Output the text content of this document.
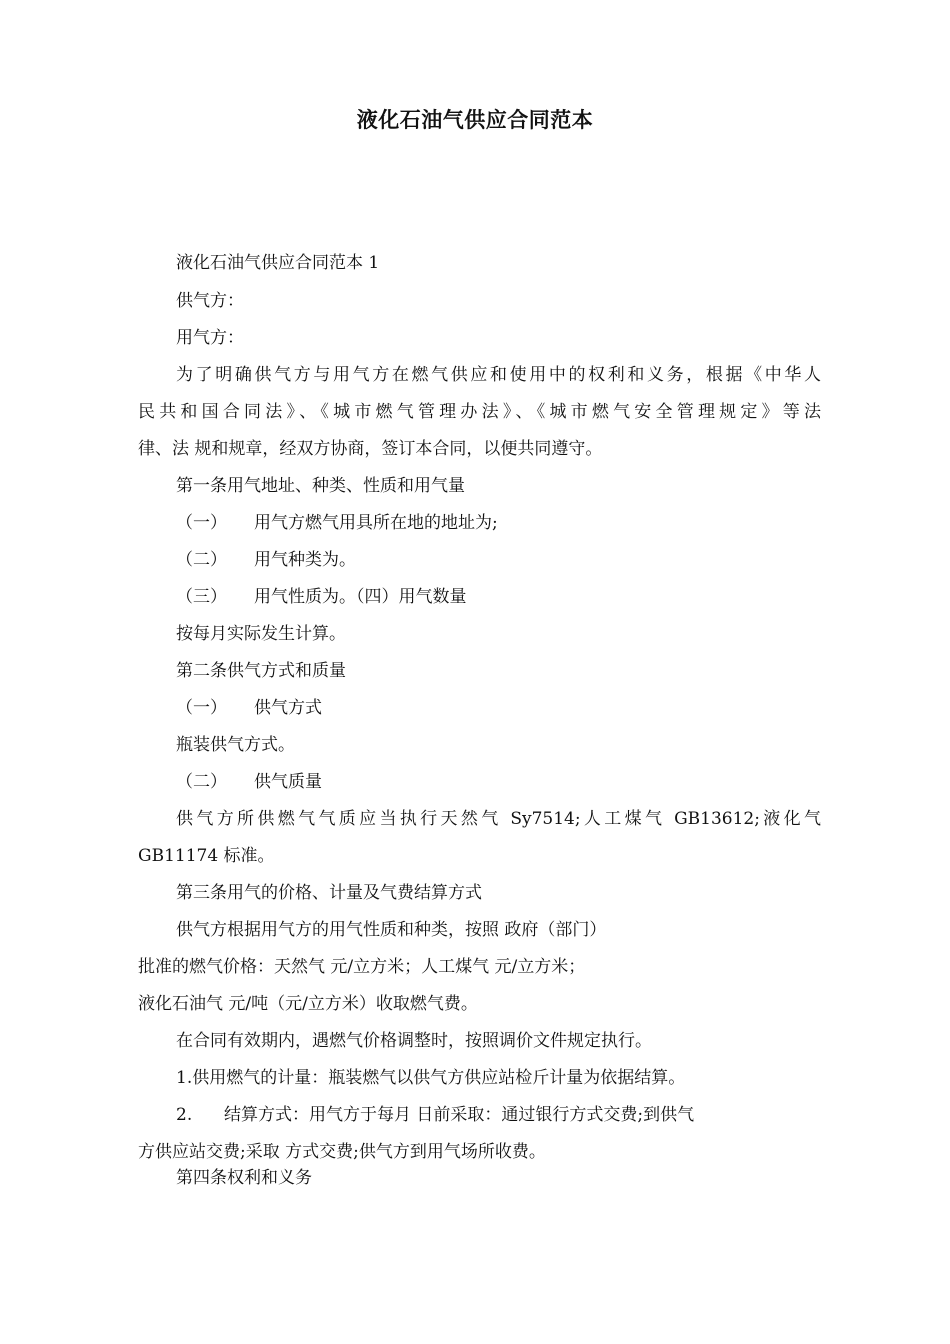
液化石油气供应合同范本
液化石油气供应合同范本 1
供气方：
用气方：
为了明确供气方与用气方在燃气供应和使用中的权利和义务，根据《中华人
民共和国合同法》、《城市燃气管理办法》、《城市燃气安全管理规定》等法
律、法 规和规章，经双方协商，签订本合同，以便共同遵守。
第一条用气地址、种类、性质和用气量
（一） 用气方燃气用具所在地的地址为;
（二） 用气种类为。
（三） 用气性质为。（四）用气数量
按每月实际发生计算。
第二条供气方式和质量
（一） 供气方式
瓶装供气方式。
（二） 供气质量
供气方所供燃气气质应当执行天然气 Sy7514;人工煤气 GB13612;液化气
GB11174 标准。
第三条用气的价格、计量及气费结算方式
供气方根据用气方的用气性质和种类，按照 政府（部门）
批准的燃气价格：天然气 元/立方米；人工煤气 元/立方米；
液化石油气 元/吨（元/立方米）收取燃气费。
在合同有效期内，遇燃气价格调整时，按照调价文件规定执行。
1.供用燃气的计量：瓶装燃气以供气方供应站检斤计量为依据结算。
2. 结算方式：用气方于每月 日前采取：通过银行方式交费;到供气
方供应站交费;采取 方式交费;供气方到用气场所收费。
第四条权利和义务
